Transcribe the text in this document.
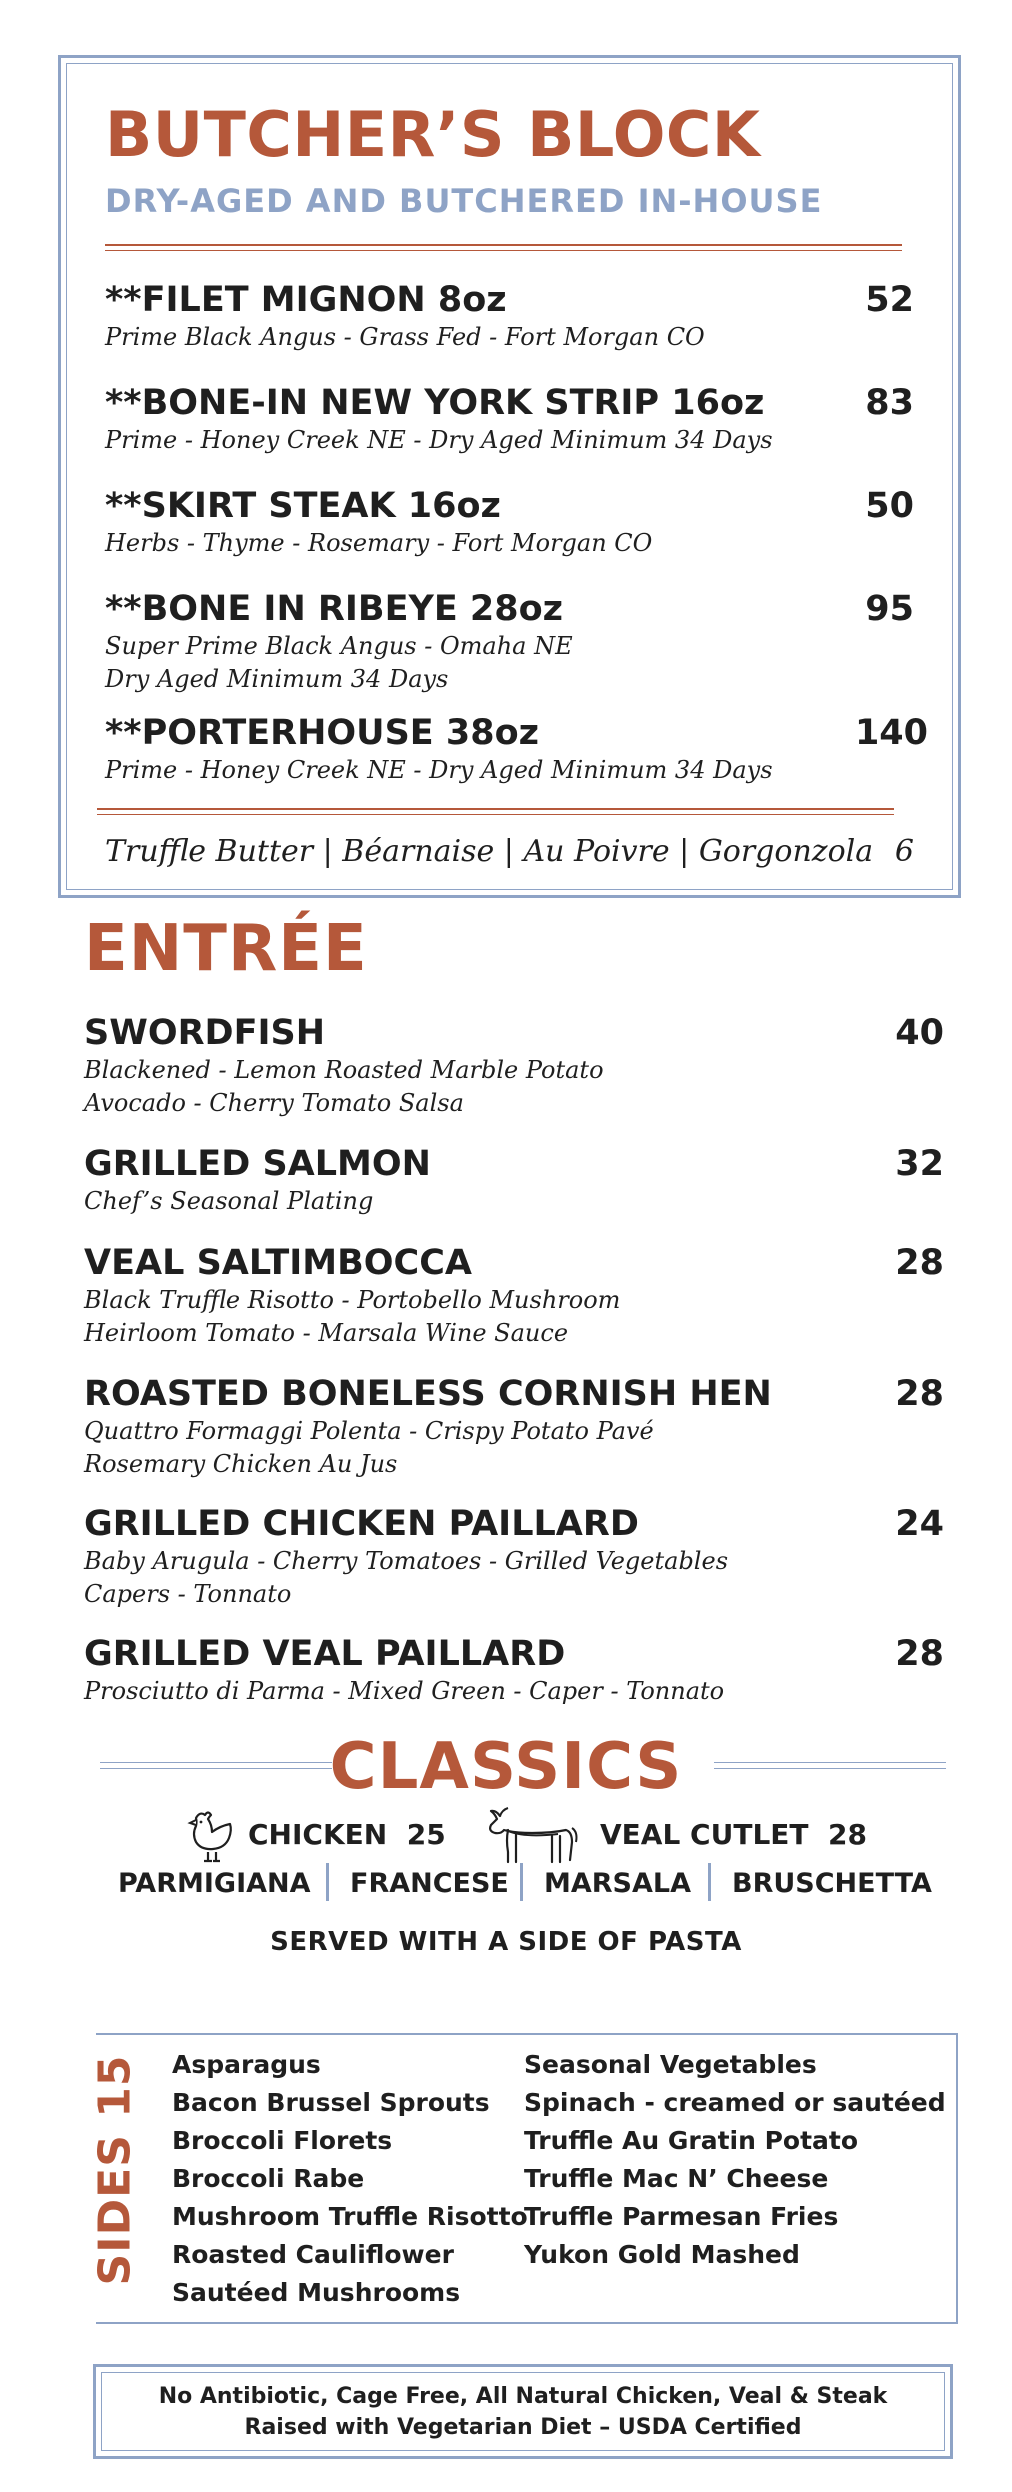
BUTCHER’S BLOCK
DRY-AGED AND BUTCHERED IN-HOUSE
**FILET MIGNON 8oz	52
Prime Black Angus - Grass Fed - Fort Morgan CO
**BONE-IN NEW YORK STRIP 16oz	83
Prime - Honey Creek NE - Dry Aged Minimum 34 Days
**SKIRT STEAK 16oz	50
Herbs - Thyme - Rosemary - Fort Morgan CO
**BONE IN RIBEYE 28oz	95
Super Prime Black Angus - Omaha NE
Dry Aged Minimum 34 Days
**PORTERHOUSE 38oz	140
Prime - Honey Creek NE - Dry Aged Minimum 34 Days
Truffle Butter | Béarnaise | Au Poivre | Gorgonzola 6
ENTRÉE
SWORDFISH	40
Blackened - Lemon Roasted Marble Potato
Avocado - Cherry Tomato Salsa
GRILLED SALMON	32
Chef’s Seasonal Plating
VEAL SALTIMBOCCA	28
Black Truffle Risotto - Portobello Mushroom
Heirloom Tomato - Marsala Wine Sauce
ROASTED BONELESS CORNISH HEN	28
Quattro Formaggi Polenta - Crispy Potato Pavé
Rosemary Chicken Au Jus
GRILLED CHICKEN PAILLARD	24
Baby Arugula - Cherry Tomatoes - Grilled Vegetables
Capers - Tonnato
GRILLED VEAL PAILLARD	28
Prosciutto di Parma - Mixed Green - Caper - Tonnato
CLASSICS
CHICKEN 25	VEAL CUTLET 28
PARMIGIANA FRANCESE MARSALA BRUSCHETTA
SERVED WITH A SIDE OF PASTA
SIDES 15 Asparagus
Bacon Brussel Sprouts
Broccoli Florets
Broccoli Rabe
Mushroom Truffle Risotto
Roasted Cauliflower
Sautéed Mushrooms
Seasonal Vegetables
Spinach - creamed or sautéed
Truffle Au Gratin Potato
Truffle Mac N’ Cheese
Truffle Parmesan Fries
Yukon Gold Mashed
No Antibiotic, Cage Free, All Natural Chicken, Veal & Steak
Raised with Vegetarian Diet – USDA Certified
